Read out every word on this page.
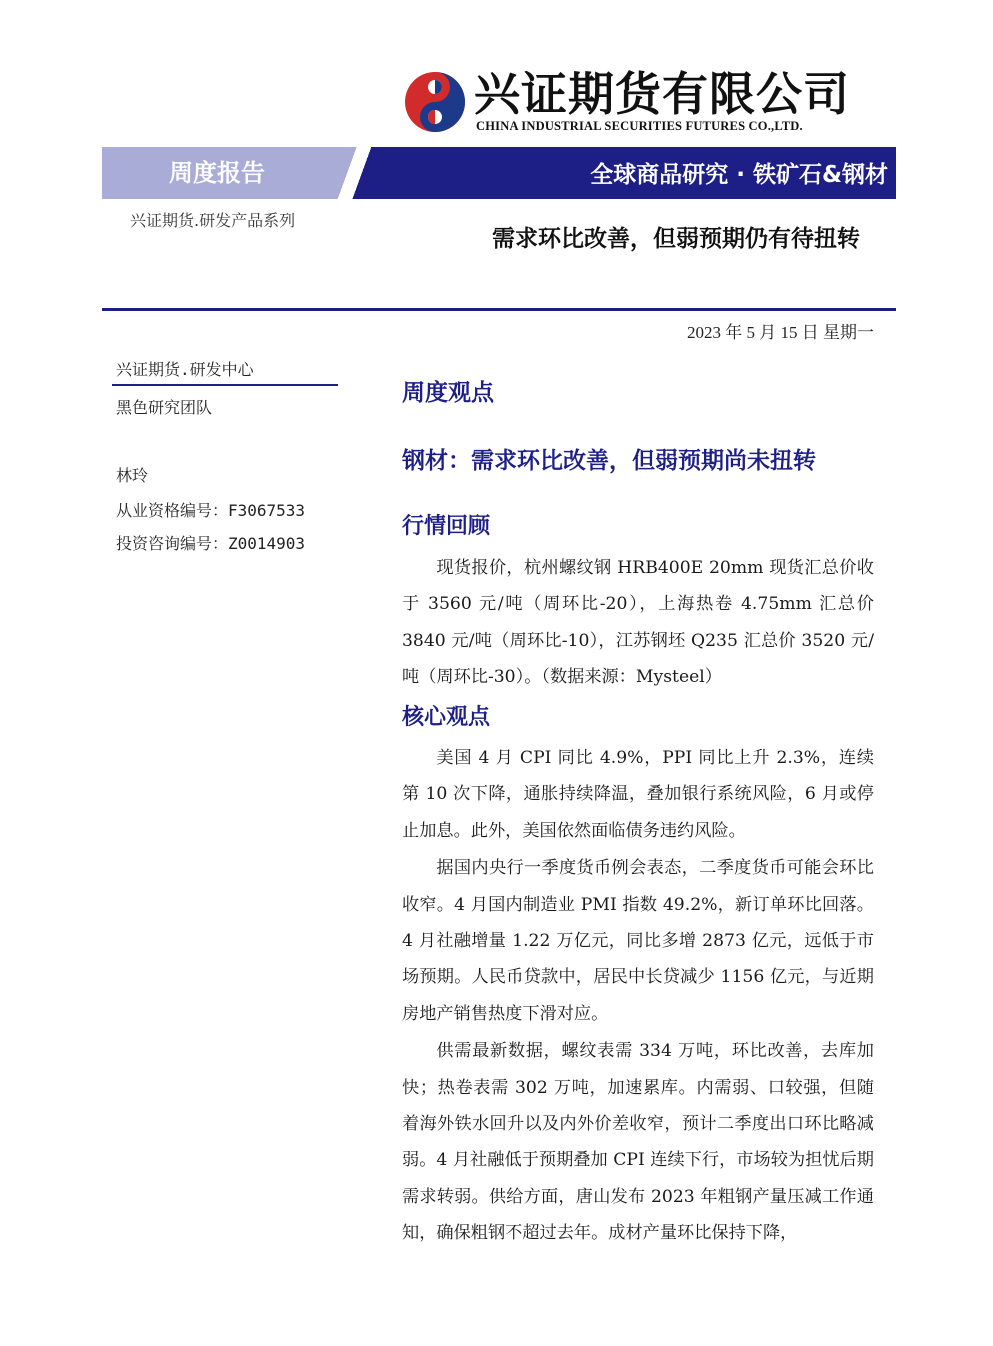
兴证期货有限公司
CHINA INDUSTRIAL SECURITIES FUTURES CO.,LTD.
周度报告	全球商品研究 · 铁矿石&钢材
兴证期货.研发产品系列
需求环比改善，但弱预期仍有待扭转
2023 年 5 月 15 日 星期一
兴证期货.研发中心
黑色研究团队
林玲
从业资格编号：F3067533
投资咨询编号：Z0014903
周度观点
钢材：需求环比改善，但弱预期尚未扭转
行情回顾

现货报价，杭州螺纹钢 HRB400E 20mm 现货汇总价收于 3560 元/吨（周环比-20），上海热卷 4.75mm 汇总价 3840 元/吨（周环比-10），江苏钢坯 Q235 汇总价 3520 元/吨（周环比-30）。（数据来源：Mysteel）

核心观点

美国 4 月 CPI 同比 4.9%，PPI 同比上升 2.3%，连续第 10 次下降，通胀持续降温，叠加银行系统风险，6 月或停止加息。此外，美国依然面临债务违约风险。

据国内央行一季度货币例会表态，二季度货币可能会环比收窄。4 月国内制造业 PMI 指数 49.2%，新订单环比回落。4 月社融增量 1.22 万亿元，同比多增 2873 亿元，远低于市场预期。人民币贷款中，居民中长贷减少 1156 亿元，与近期房地产销售热度下滑对应。

供需最新数据，螺纹表需 334 万吨，环比改善，去库加快；热卷表需 302 万吨，加速累库。内需弱、口较强，但随着海外铁水回升以及内外价差收窄，预计二季度出口环比略减弱。4 月社融低于预期叠加 CPI 连续下行，市场较为担忧后期需求转弱。供给方面，唐山发布 2023 年粗钢产量压减工作通知，确保粗钢不超过去年。成材产量环比保持下降，
